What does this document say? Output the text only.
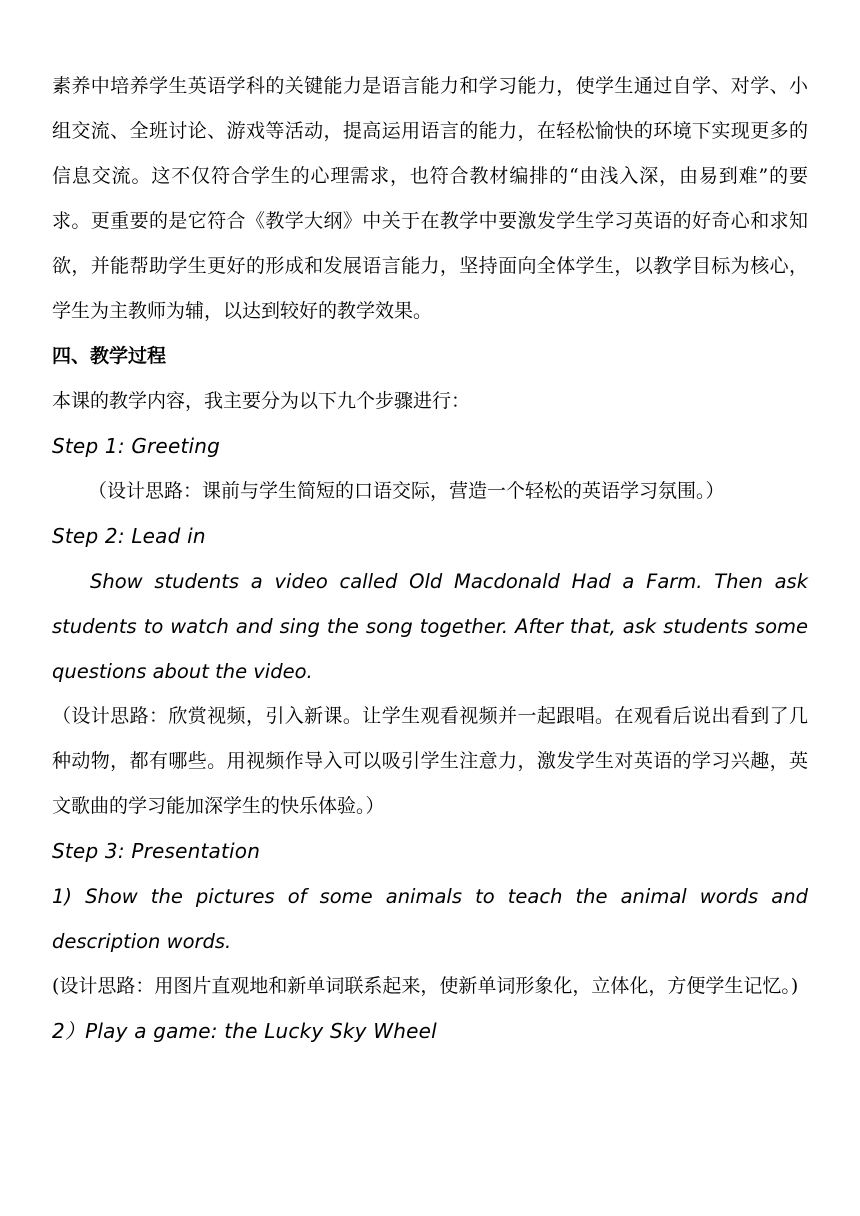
素养中培养学生英语学科的关键能力是语言能力和学习能力，使学生通过自学、对学、小组交流、全班讨论、游戏等活动，提高运用语言的能力，在轻松愉快的环境下实现更多的信息交流。这不仅符合学生的心理需求，也符合教材编排的“由浅入深，由易到难”的要求。更重要的是它符合《教学大纲》中关于在教学中要激发学生学习英语的好奇心和求知欲，并能帮助学生更好的形成和发展语言能力，坚持面向全体学生，以教学目标为核心，学生为主教师为辅，以达到较好的教学效果。

四、教学过程

本课的教学内容，我主要分为以下九个步骤进行：

Step 1: Greeting

（设计思路：课前与学生简短的口语交际，营造一个轻松的英语学习氛围。）

Step 2: Lead in

Show students a video called Old Macdonald Had a Farm. Then ask students to watch and sing the song together. After that, ask students some questions about the video.

（设计思路：欣赏视频，引入新课。让学生观看视频并一起跟唱。在观看后说出看到了几种动物，都有哪些。用视频作导入可以吸引学生注意力，激发学生对英语的学习兴趣，英文歌曲的学习能加深学生的快乐体验。）

Step 3: Presentation

1) Show the pictures of some animals to teach the animal words and description words.

(设计思路：用图片直观地和新单词联系起来，使新单词形象化，立体化，方便学生记忆。)

2）Play a game: the Lucky Sky Wheel
